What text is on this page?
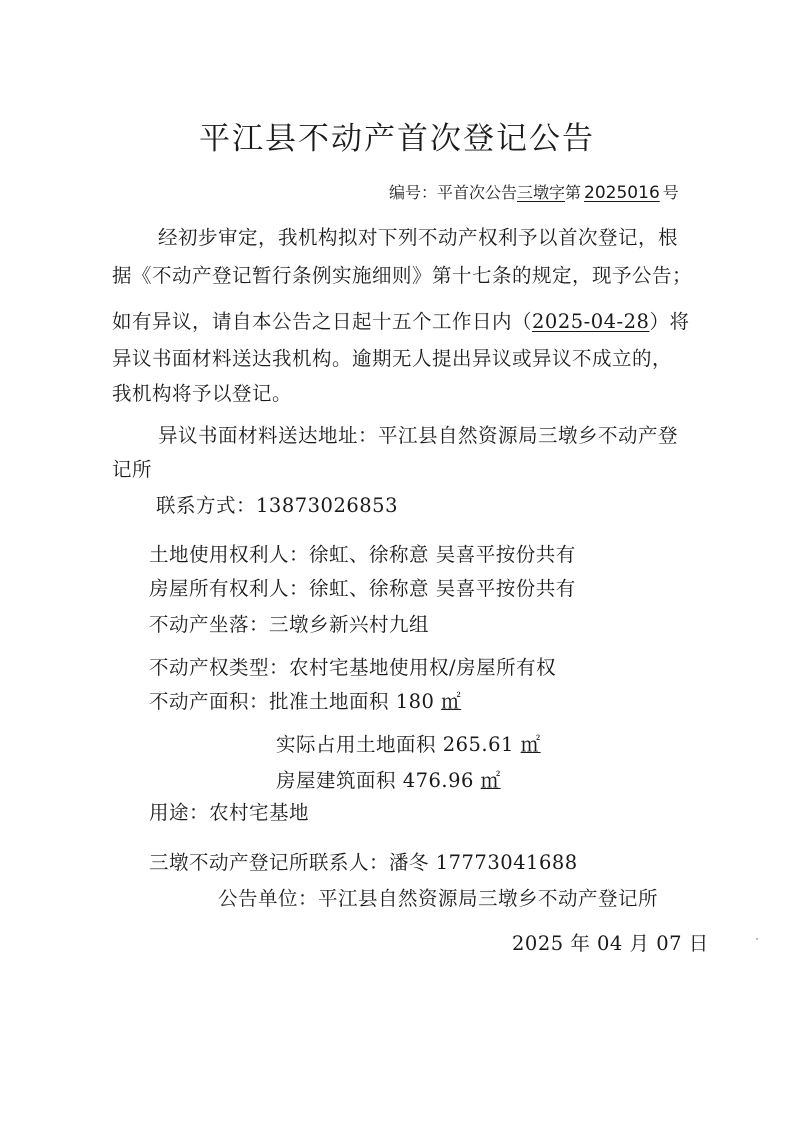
平江县不动产首次登记公告
编号：平首次公告三墩字第 2025016 号
经初步审定，我机构拟对下列不动产权利予以首次登记，根
据《不动产登记暂行条例实施细则》第十七条的规定，现予公告；
如有异议，请自本公告之日起十五个工作日内（2025-04-28）将
异议书面材料送达我机构。逾期无人提出异议或异议不成立的，
我机构将予以登记。
异议书面材料送达地址：平江县自然资源局三墩乡不动产登
记所
联系方式：13873026853
土地使用权利人：徐虹、徐称意 吴喜平按份共有
房屋所有权利人：徐虹、徐称意 吴喜平按份共有
不动产坐落：三墩乡新兴村九组
不动产权类型：农村宅基地使用权/房屋所有权
不动产面积：批准土地面积 180 ㎡
实际占用土地面积 265.61 ㎡
房屋建筑面积 476.96 ㎡
用途：农村宅基地
三墩不动产登记所联系人：潘冬 17773041688
公告单位：平江县自然资源局三墩乡不动产登记所
2025 年 04 月 07 日
